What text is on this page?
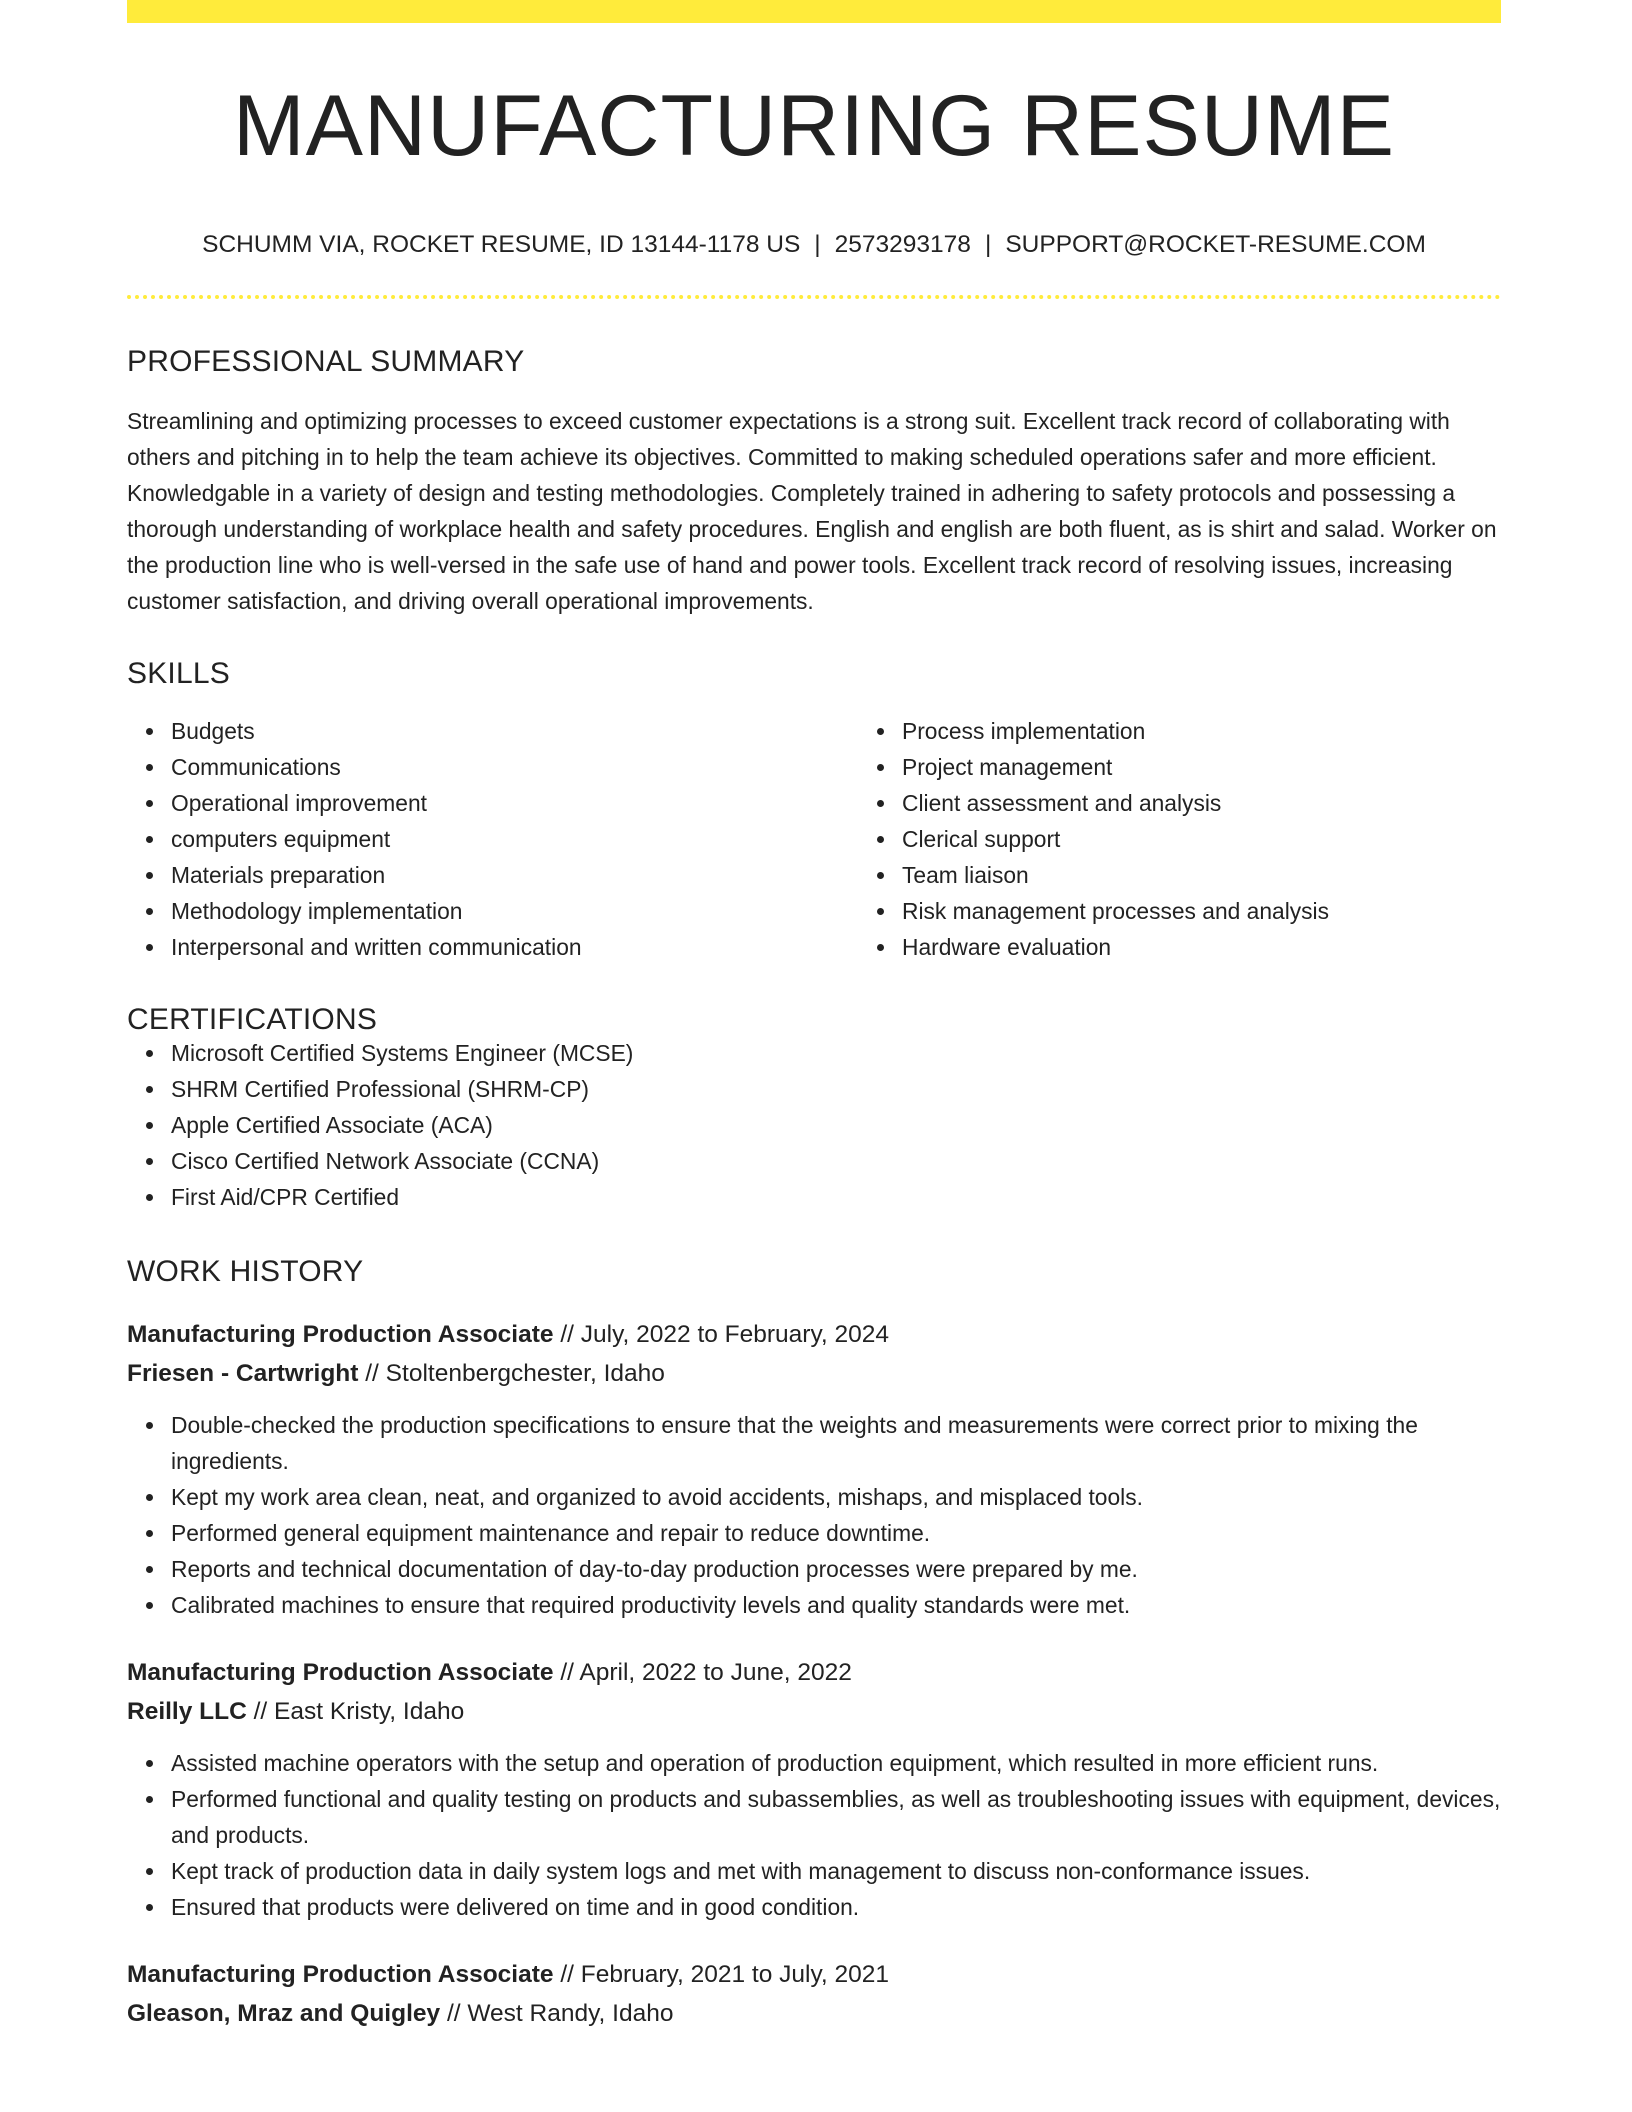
MANUFACTURING RESUME
SCHUMM VIA, ROCKET RESUME, ID 13144-1178 US | 2573293178 | SUPPORT@ROCKET-RESUME.COM
PROFESSIONAL SUMMARY

Streamlining and optimizing processes to exceed customer expectations is a strong suit. Excellent track record of collaborating with others and pitching in to help the team achieve its objectives. Committed to making scheduled operations safer and more efficient. Knowledgable in a variety of design and testing methodologies. Completely trained in adhering to safety protocols and possessing a thorough understanding of workplace health and safety procedures. English and english are both fluent, as is shirt and salad. Worker on the production line who is well-versed in the safe use of hand and power tools. Excellent track record of resolving issues, increasing customer satisfaction, and driving overall operational improvements.

SKILLS
Budgets
Communications
Operational improvement
computers equipment
Materials preparation
Methodology implementation
Interpersonal and written communication
Process implementation
Project management
Client assessment and analysis
Clerical support
Team liaison
Risk management processes and analysis
Hardware evaluation
CERTIFICATIONS
Microsoft Certified Systems Engineer (MCSE)
SHRM Certified Professional (SHRM-CP)
Apple Certified Associate (ACA)
Cisco Certified Network Associate (CCNA)
First Aid/CPR Certified
WORK HISTORY
Manufacturing Production Associate // July, 2022 to February, 2024
Friesen - Cartwright // Stoltenbergchester, Idaho
Double-checked the production specifications to ensure that the weights and measurements were correct prior to mixing the ingredients.
Kept my work area clean, neat, and organized to avoid accidents, mishaps, and misplaced tools.
Performed general equipment maintenance and repair to reduce downtime.
Reports and technical documentation of day-to-day production processes were prepared by me.
Calibrated machines to ensure that required productivity levels and quality standards were met.
Manufacturing Production Associate // April, 2022 to June, 2022
Reilly LLC // East Kristy, Idaho
Assisted machine operators with the setup and operation of production equipment, which resulted in more efficient runs.
Performed functional and quality testing on products and subassemblies, as well as troubleshooting issues with equipment, devices, and products.
Kept track of production data in daily system logs and met with management to discuss non-conformance issues.
Ensured that products were delivered on time and in good condition.
Manufacturing Production Associate // February, 2021 to July, 2021
Gleason, Mraz and Quigley // West Randy, Idaho
